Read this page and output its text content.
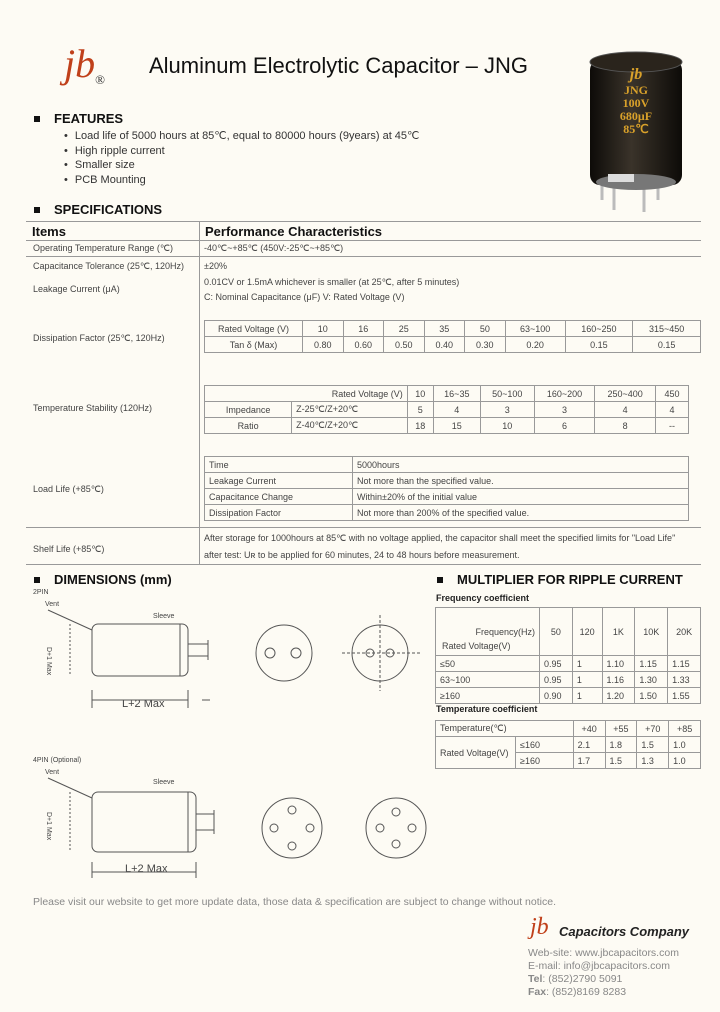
$jb_®$
Aluminum Electrolytic Capacitor – JNG	jb
JNG
100V
680μF
85℃
FEATURES
• Load life of 5000 hours at 85℃, equal to 80000 hours (9years) at 45℃
• High ripple current
• Smaller size
• PCB Mounting
SPECIFICATIONS
Items	Performance Characteristics
Operating Temperature Range (℃)	-40℃~+85℃ (450V:-25℃~+85℃)
Capacitance Tolerance (25℃, 120Hz) ±20%
Leakage Current (μA)
0.01CV or 1.5mA whichever is smaller (at 25℃, after 5 minutes)
C: Nominal Capacitance (μF) V: Rated Voltage (V)
Dissipation Factor (25℃, 120Hz)
Rated Voltage (V)	10	16	25	35	50	63~100	160~250	315~450
Tan δ (Max)	0.80	0.60	0.50	0.40	0.30	0.20	0.15	0.15
Temperature Stability (120Hz)
Rated Voltage (V)		10	16~35	50~100	160~200	250~400	450
Impedance	Z-25℃/Z+20℃	5	4	3	3	4	4
Ratio	Z-40℃/Z+20℃	18	15	10	6	8	--
Load Life (+85℃)
Time	5000hours
Leakage Current	Not more than the specified value.
Capacitance Change	Within±20% of the initial value
Dissipation Factor	Not more than 200% of the specified value.
Shelf Life (+85℃)
After storage for 1000hours at 85℃ with no voltage applied, the capacitor shall meet the specified limits for "Load Life"
after test: Uʀ to be applied for 60 minutes, 24 to 48 hours before measurement.
DIMENSIONS (mm)
2PIN
Vent
Sleeve
L+2 Max
D+1 Max
4PIN (Optional)
Vent
Sleeve
L+2 Max
D+1 Max
MULTIPLIER FOR RIPPLE CURRENT
Frequency coefficient
Frequency(Hz)
Rated Voltage(V)	50	120	1K	10K	20K
≤50	0.95	1	1.10	1.15	1.15
63~100	0.95	1	1.16	1.30	1.33
≥160	0.90	1	1.20	1.50	1.55
Temperature coefficient
Temperature(℃)		+40	+55	+70	+85
Rated Voltage(V)	≤160	2.1	1.8	1.5	1.0
	≥160	1.7	1.5	1.3	1.0
Please visit our website to get more update data, those data & specification are subject to change without notice.
jb Capacitors Company
Web-site: www.jbcapacitors.com
E-mail: info@jbcapacitors.com
Tel: (852)2790 5091
Fax: (852)8169 8283
